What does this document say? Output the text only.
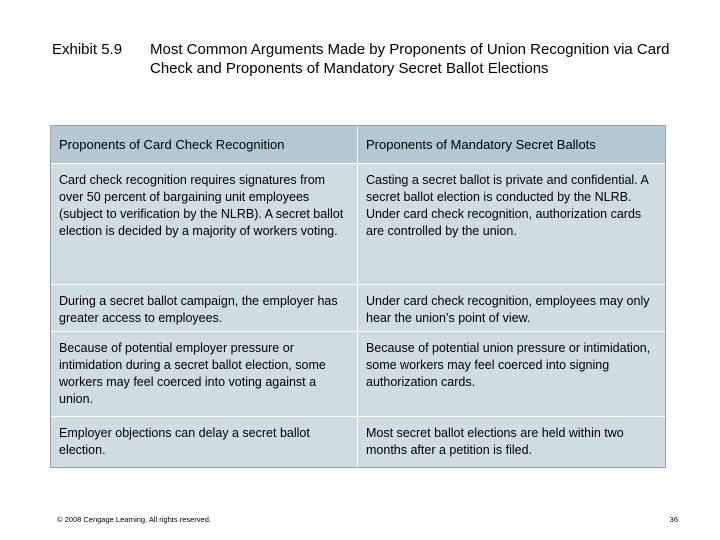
Exhibit 5.9 Most Common Arguments Made by Proponents of Union Recognition via Card Check and Proponents of Mandatory Secret Ballot Elections
Proponents of Card Check Recognition	Proponents of Mandatory Secret Ballots
Card check recognition requires signatures from over 50 percent of bargaining unit employees (subject to verification by the NLRB). A secret ballot election is decided by a majority of workers voting.
Casting a secret ballot is private and confidential. A secret ballot election is conducted by the NLRB. Under card check recognition, authorization cards are controlled by the union.
During a secret ballot campaign, the employer has greater access to employees.
Under card check recognition, employees may only hear the union’s point of view.
Because of potential employer pressure or intimidation during a secret ballot election, some workers may feel coerced into voting against a union.
Because of potential union pressure or intimidation, some workers may feel coerced into signing authorization cards.
Employer objections can delay a secret ballot election.
Most secret ballot elections are held within two months after a petition is filed.
© 2008 Cengage Learning. All rights reserved.	36
